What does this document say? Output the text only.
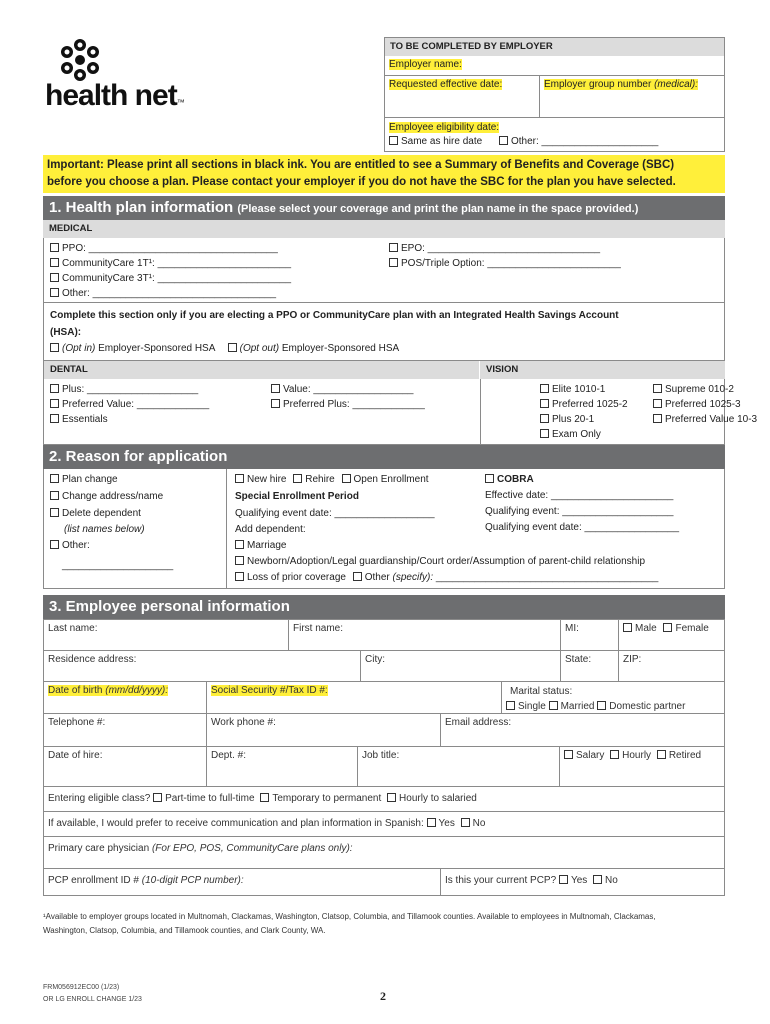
health net™
TO BE COMPLETED BY EMPLOYER
Employer name:
Requested effective date:	Employer group number (medical):
Employee eligibility date:
Same as hire date	Other: _____________________
Important: Please print all sections in black ink. You are entitled to see a Summary of Benefits and Coverage (SBC)
before you choose a plan. Please contact your employer if you do not have the SBC for the plan you have selected.
1. Health plan information (Please select your coverage and print the plan name in the space provided.)
MEDICAL
PPO: __________________________________
CommunityCare 1T¹: ________________________
CommunityCare 3T¹: ________________________
Other: _________________________________
EPO: _______________________________
POS/Triple Option: ________________________
Complete this section only if you are electing a PPO or CommunityCare plan with an Integrated Health Savings Account
(HSA):
(Opt in) Employer-Sponsored HSA (Opt out) Employer-Sponsored HSA
DENTAL	VISION
Plus: ____________________
Preferred Value: _____________
Essentials
Value: __________________
Preferred Plus: _____________
Elite 1010-1
Preferred 1025-2
Plus 20-1
Exam Only
Supreme 010-2
Preferred 1025-3
Preferred Value 10-3
2. Reason for application
Plan change
Change address/name
Delete dependent
(list names below)
Other:
____________________
New hire Rehire Open Enrollment
Special Enrollment Period
Qualifying event date: __________________
Add dependent:
Marriage
Newborn/Adoption/Legal guardianship/Court order/Assumption of parent-child relationship
Loss of prior coverage Other (specify): ________________________________________
COBRA
Effective date: ______________________
Qualifying event: ____________________
Qualifying event date: _________________
3. Employee personal information
Last name:	First name:	MI:	Male Female
Residence address:	City:	State:	ZIP:
Date of birth (mm/dd/yyyy):	Social Security #/Tax ID #:	Marital status:
Single Married Domestic partner
Telephone #:	Work phone #:	Email address:
Date of hire:	Dept. #:	Job title:	Salary Hourly Retired
Entering eligible class? Part-time to full-time Temporary to permanent Hourly to salaried
If available, I would prefer to receive communication and plan information in Spanish: Yes No
Primary care physician (For EPO, POS, CommunityCare plans only):
PCP enrollment ID # (10-digit PCP number):	Is this your current PCP? Yes No
¹Available to employer groups located in Multnomah, Clackamas, Washington, Clatsop, Columbia, and Tillamook counties. Available to employees in Multnomah, Clackamas,
Washington, Clatsop, Columbia, and Tillamook counties, and Clark County, WA.
FRM056912EC00 (1/23)
OR LG ENROLL CHANGE 1/23	2
